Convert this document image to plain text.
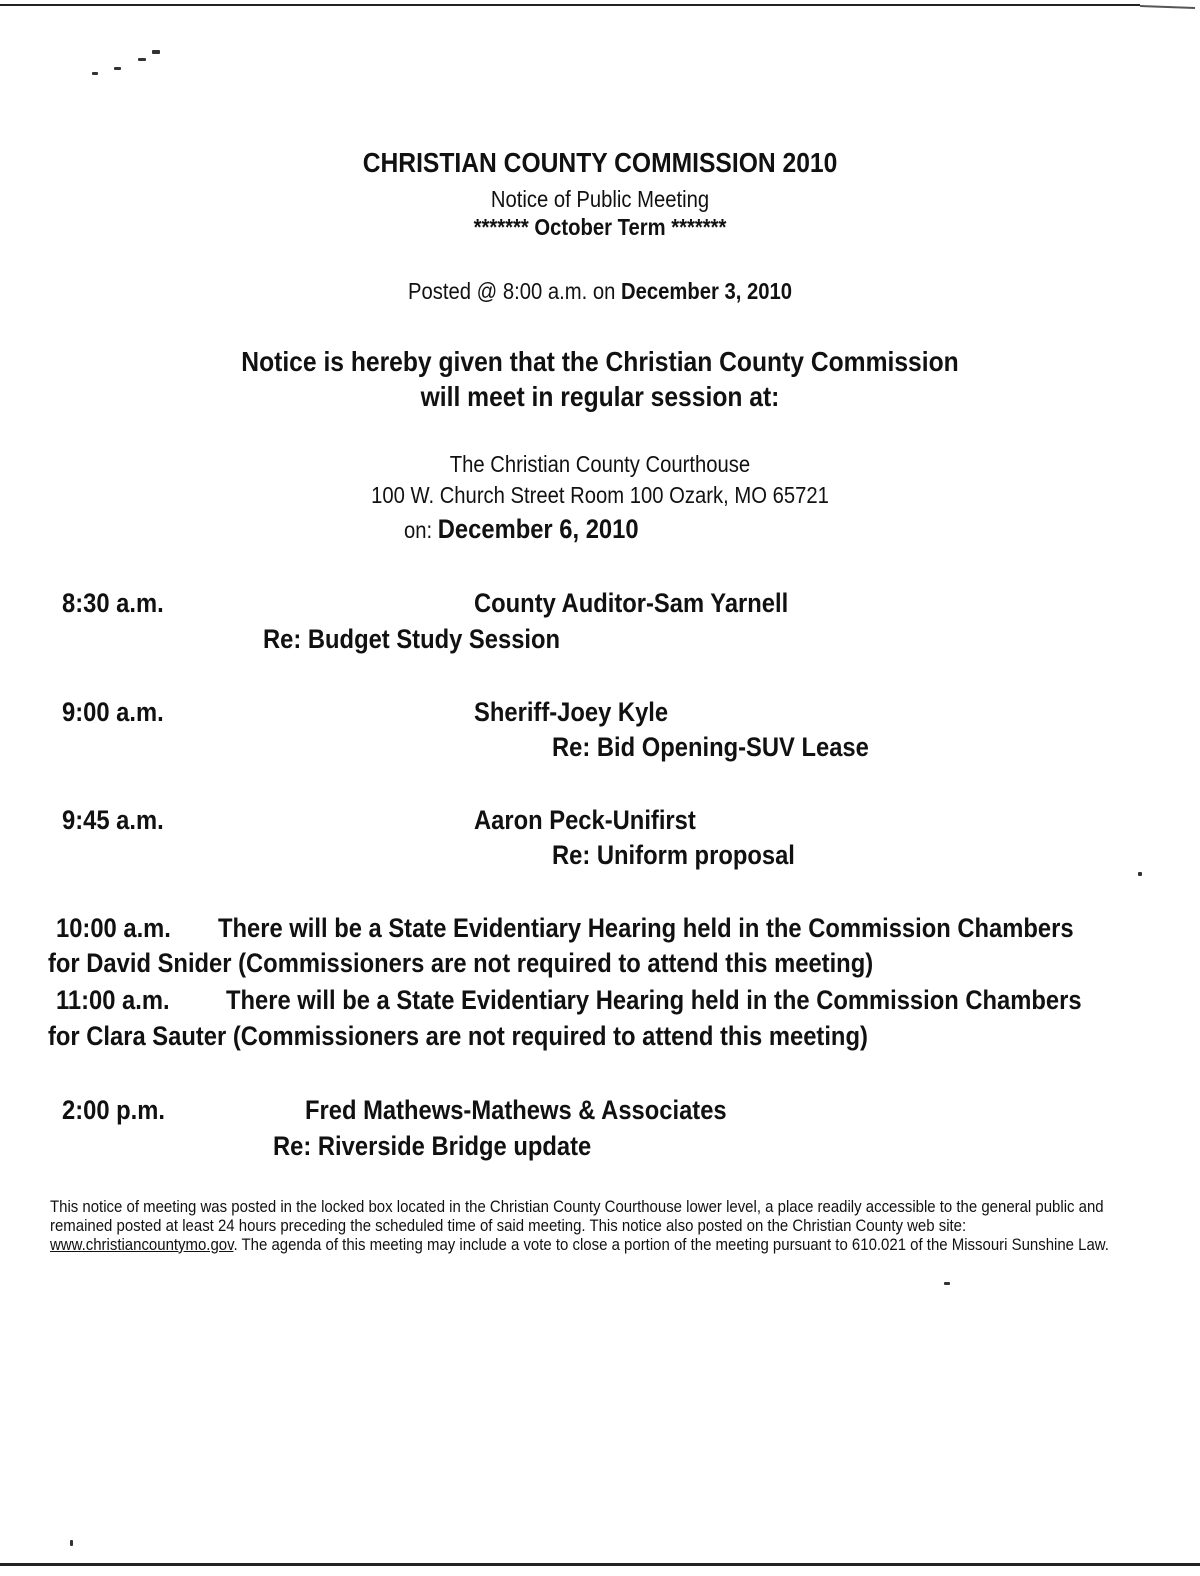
CHRISTIAN COUNTY COMMISSION 2010
Notice of Public Meeting
******* October Term *******
Posted @ 8:00 a.m. on December 3, 2010
Notice is hereby given that the Christian County Commission
will meet in regular session at:
The Christian County Courthouse
100 W. Church Street Room 100 Ozark, MO 65721
on: December 6, 2010
8:30 a.m.	County Auditor-Sam Yarnell
Re: Budget Study Session
9:00 a.m.	Sheriff-Joey Kyle
Re: Bid Opening-SUV Lease
9:45 a.m.	Aaron Peck-Unifirst
Re: Uniform proposal
10:00 a.m. There will be a State Evidentiary Hearing held in the Commission Chambers
for David Snider (Commissioners are not required to attend this meeting)
11:00 a.m. There will be a State Evidentiary Hearing held in the Commission Chambers
for Clara Sauter (Commissioners are not required to attend this meeting)
2:00 p.m.	Fred Mathews-Mathews & Associates
Re: Riverside Bridge update
This notice of meeting was posted in the locked box located in the Christian County Courthouse lower level, a place readily accessible to the general public and remained posted at least 24 hours preceding the scheduled time of said meeting. This notice also posted on the Christian County web site: www.christiancountymo.gov. The agenda of this meeting may include a vote to close a portion of the meeting pursuant to 610.021 of the Missouri Sunshine Law.
